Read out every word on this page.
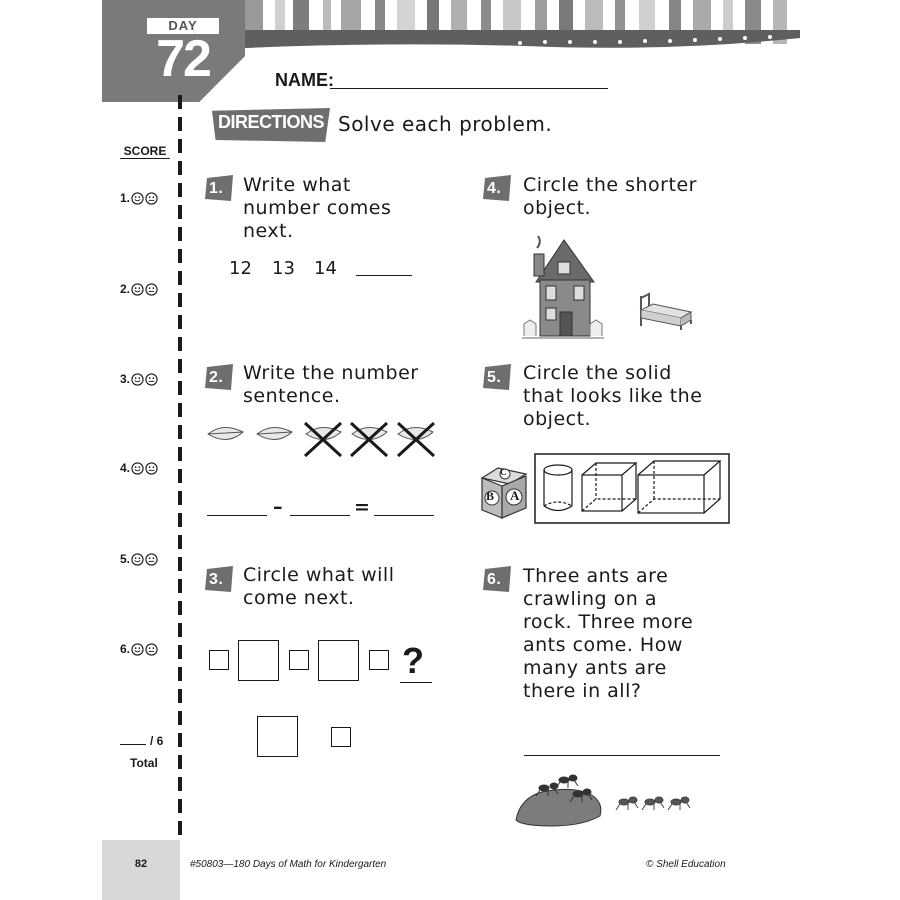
DAY
72	NAME:
DIRECTIONS Solve each problem.
SCORE
1.
2.
3.
4.
5.
6.
/ 6
Total
1. Write what
number comes
next.
12 13 14
2. Write the number
sentence.
–	=
3. Circle what will
come next.
?
4. Circle the shorter
object.
5. Circle the solid
that looks like the
object.
B A
C
6. Three ants are
crawling on a
rock. Three more
ants come. How
many ants are
there in all?
82	#50803—180 Days of Math for Kindergarten	© Shell Education
